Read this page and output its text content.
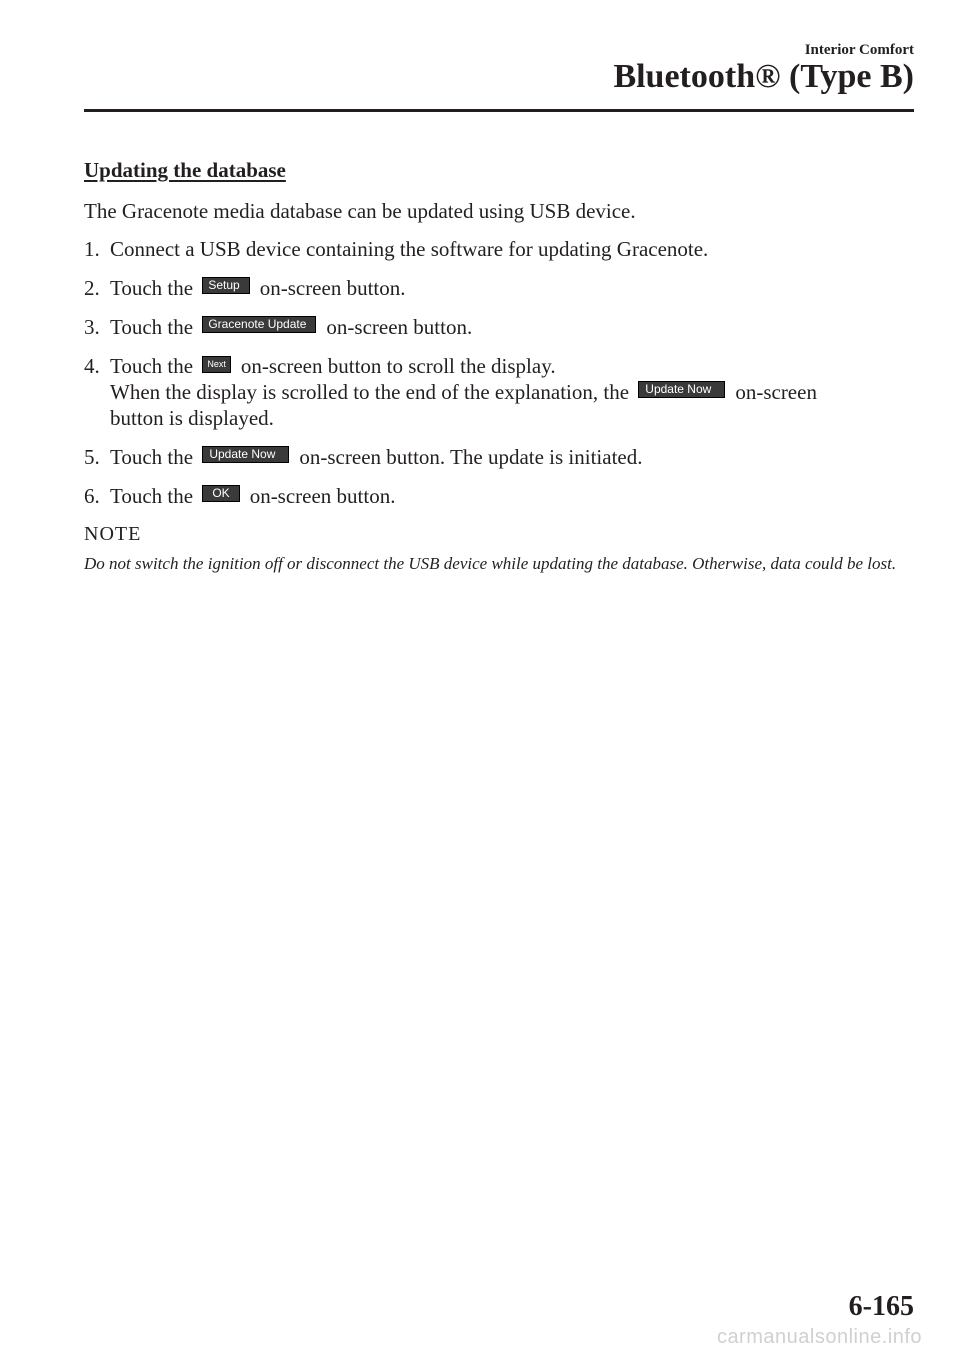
Interior Comfort
Bluetooth® (Type B)
Updating the database

The Gracenote media database can be updated using USB device.

1. Connect a USB device containing the software for updating Gracenote.
2. Touch the Setup on-screen button.
3. Touch the Gracenote Update on-screen button.
4. Touch the Next on-screen button to scroll the display.
When the display is scrolled to the end of the explanation, the Update Now on-screen
button is displayed.
5. Touch the Update Now on-screen button. The update is initiated.
6. Touch the OK on-screen button.
NOTE

Do not switch the ignition off or disconnect the USB device while updating the database. Otherwise, data could be lost.

6-165
carmanualsonline.info
